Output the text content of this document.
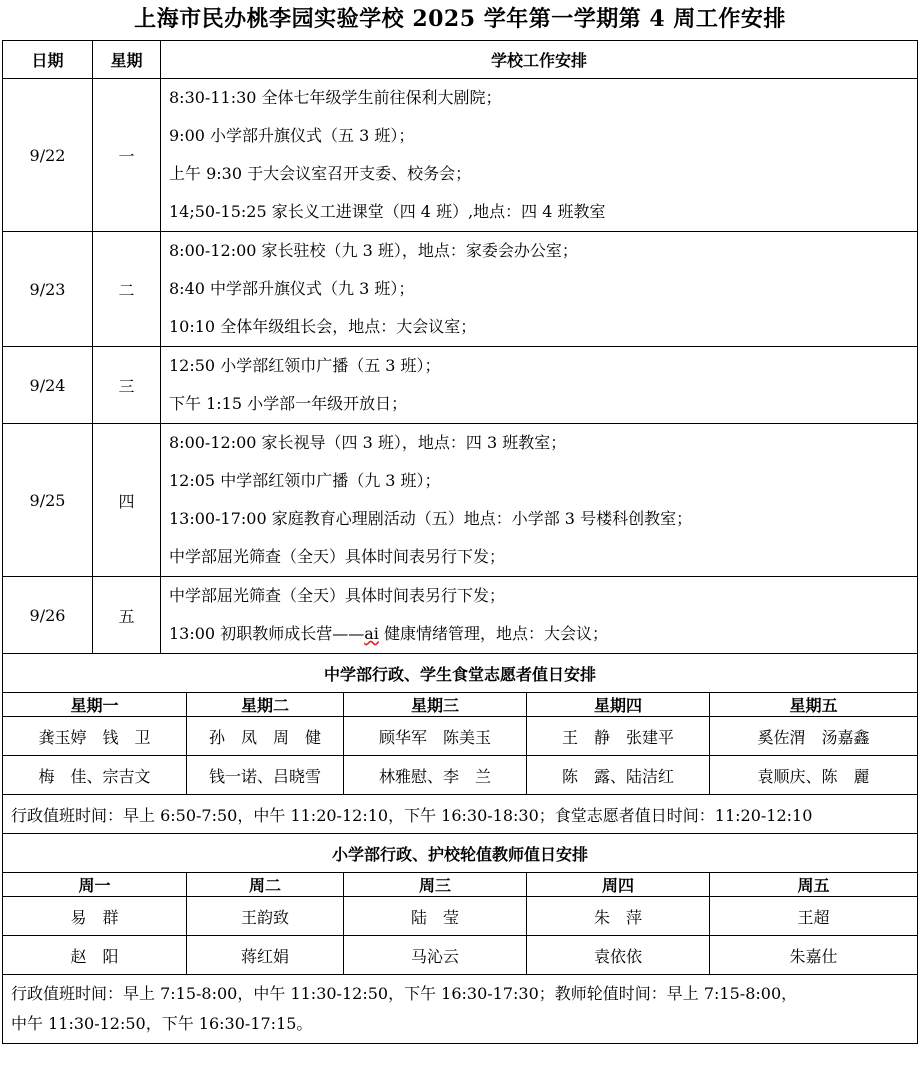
上海市民办桃李园实验学校 2025 学年第一学期第 4 周工作安排
日期	星期	学校工作安排				
9/22	一	8:30-11:30 全体七年级学生前往保利大剧院；
9:00 小学部升旗仪式（五 3 班）；
上午 9:30 于大会议室召开支委、校务会；
14;50-15:25 家长义工进课堂（四 4 班）,地点：四 4 班教室				

9/23	二	8:00-12:00 家长驻校（九 3 班），地点：家委会办公室；
8:40 中学部升旗仪式（九 3 班）；
10:10 全体年级组长会，地点：大会议室；				

9/24	三	12:50 小学部红领巾广播（五 3 班）；
下午 1:15 小学部一年级开放日；				

9/25	四	8:00-12:00 家长视导（四 3 班），地点：四 3 班教室；
12:05 中学部红领巾广播（九 3 班）；
13:00-17:00 家庭教育心理剧活动（五）地点：小学部 3 号楼科创教室；
中学部屈光筛查（全天）具体时间表另行下发；				

9/26	五	中学部屈光筛查（全天）具体时间表另行下发；
13:00 初职教师成长营——ai 健康情绪管理，地点：大会议；				

中学部行政、学生食堂志愿者值日安排						
星期一			星期二	星期三	星期四	星期五
龚玉婷　钱　卫			孙　凤　周　健	顾华军　陈美玉	王　静　张建平	奚佐渭　汤嘉鑫
梅　佳、宗吉文			钱一诺、吕晓雪	林雅慰、李　兰	陈　露、陆洁红	袁顺庆、陈　麗
行政值班时间：早上 6:50-7:50，中午 11:20-12:10，下午 16:30-18:30；食堂志愿者值日时间：11:20-12:10						
小学部行政、护校轮值教师值日安排						
周一			周二	周三	周四	周五
易　群			王韵致	陆　莹	朱　萍	王超
赵　阳			蒋红娟	马沁云	袁依依	朱嘉仕

行政值班时间：早上 7:15-8:00，中午 11:30-12:50，下午 16:30-17:30；教师轮值时间：早上 7:15-8:00，
中午 11:30-12:50，下午 16:30-17:15。						
